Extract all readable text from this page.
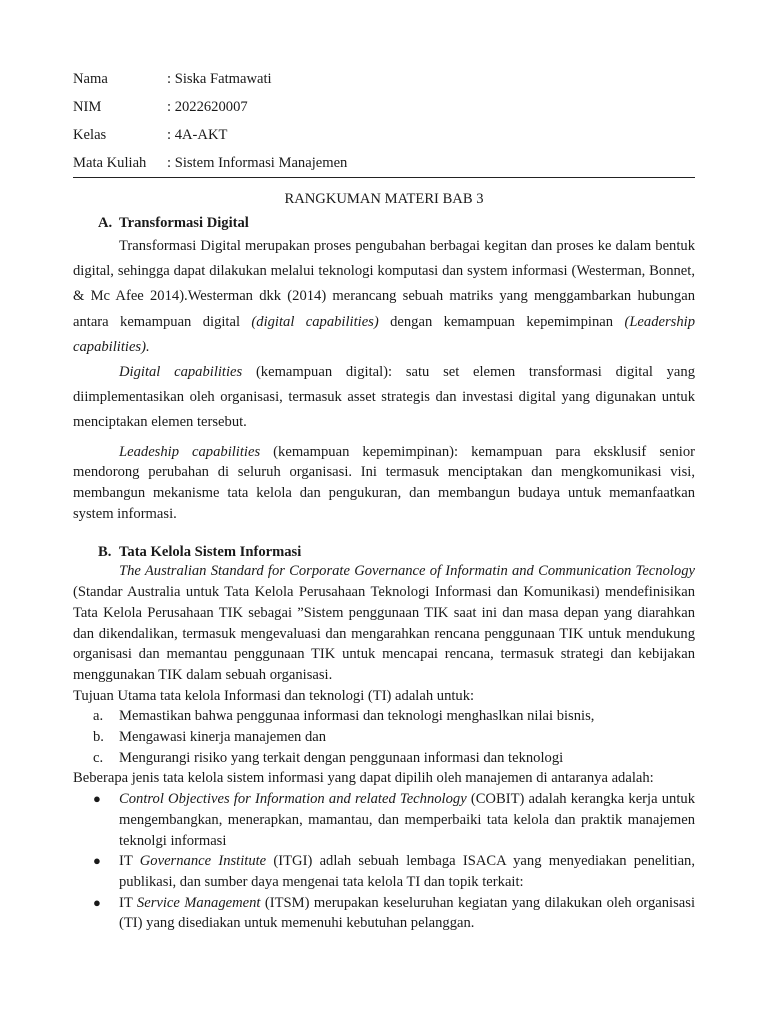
Nama	: Siska Fatmawati
NIM	: 2022620007
Kelas	: 4A-AKT
Mata Kuliah	: Sistem Informasi Manajemen
RANGKUMAN MATERI BAB 3
A. Transformasi Digital

Transformasi Digital merupakan proses pengubahan berbagai kegitan dan proses ke dalam bentuk digital, sehingga dapat dilakukan melalui teknologi komputasi dan system informasi (Westerman, Bonnet, & Mc Afee 2014).Westerman dkk (2014) merancang sebuah matriks yang menggambarkan hubungan antara kemampuan digital (digital capabilities) dengan kemampuan kepemimpinan (Leadership capabilities).

Digital capabilities (kemampuan digital): satu set elemen transformasi digital yang diimplementasikan oleh organisasi, termasuk asset strategis dan investasi digital yang digunakan untuk menciptakan elemen tersebut.

Leadeship capabilities (kemampuan kepemimpinan): kemampuan para eksklusif senior mendorong perubahan di seluruh organisasi. Ini termasuk menciptakan dan mengkomunikasi visi, membangun mekanisme tata kelola dan pengukuran, dan membangun budaya untuk memanfaatkan system informasi.

B. Tata Kelola Sistem Informasi

The Australian Standard for Corporate Governance of Informatin and Communication Tecnology (Standar Australia untuk Tata Kelola Perusahaan Teknologi Informasi dan Komunikasi) mendefinisikan Tata Kelola Perusahaan TIK sebagai ”Sistem penggunaan TIK saat ini dan masa depan yang diarahkan dan dikendalikan, termasuk mengevaluasi dan mengarahkan rencana penggunaan TIK untuk mendukung organisasi dan memantau penggunaan TIK untuk mencapai rencana, termasuk strategi dan kebijakan menggunakan TIK dalam sebuah organisasi.

Tujuan Utama tata kelola Informasi dan teknologi (TI) adalah untuk:
a.	Memastikan bahwa penggunaa informasi dan teknologi menghaslkan nilai bisnis,
b.	Mengawasi kinerja manajemen dan
c.	Mengurangi risiko yang terkait dengan penggunaan informasi dan teknologi
Beberapa jenis tata kelola sistem informasi yang dapat dipilih oleh manajemen di antaranya adalah:
●	Control Objectives for Information and related Technology (COBIT) adalah kerangka kerja untuk mengembangkan, menerapkan, mamantau, dan memperbaiki tata kelola dan praktik manajemen teknolgi informasi
●	IT Governance Institute (ITGI) adlah sebuah lembaga ISACA yang menyediakan penelitian, publikasi, dan sumber daya mengenai tata kelola TI dan topik terkait:
●	IT Service Management (ITSM) merupakan keseluruhan kegiatan yang dilakukan oleh organisasi (TI) yang disediakan untuk memenuhi kebutuhan pelanggan.
